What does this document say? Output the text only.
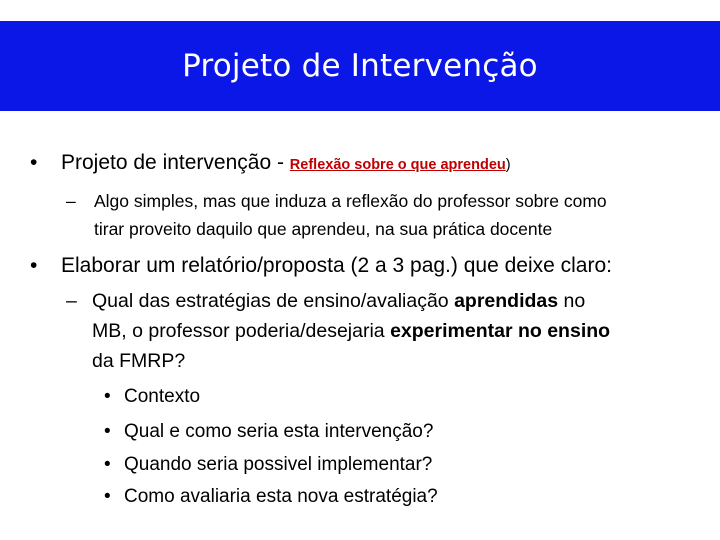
Projeto de Intervenção
• Projeto de intervenção - Reflexão sobre o que aprendeu)
– Algo simples, mas que induza a reflexão do professor sobre como
tirar proveito daquilo que aprendeu, na sua prática docente
• Elaborar um relatório/proposta (2 a 3 pag.) que deixe claro:
– Qual das estratégias de ensino/avaliação aprendidas no
MB, o professor poderia/desejaria experimentar no ensino
da FMRP?
• Contexto
• Qual e como seria esta intervenção?
• Quando seria possivel implementar?
• Como avaliaria esta nova estratégia?
